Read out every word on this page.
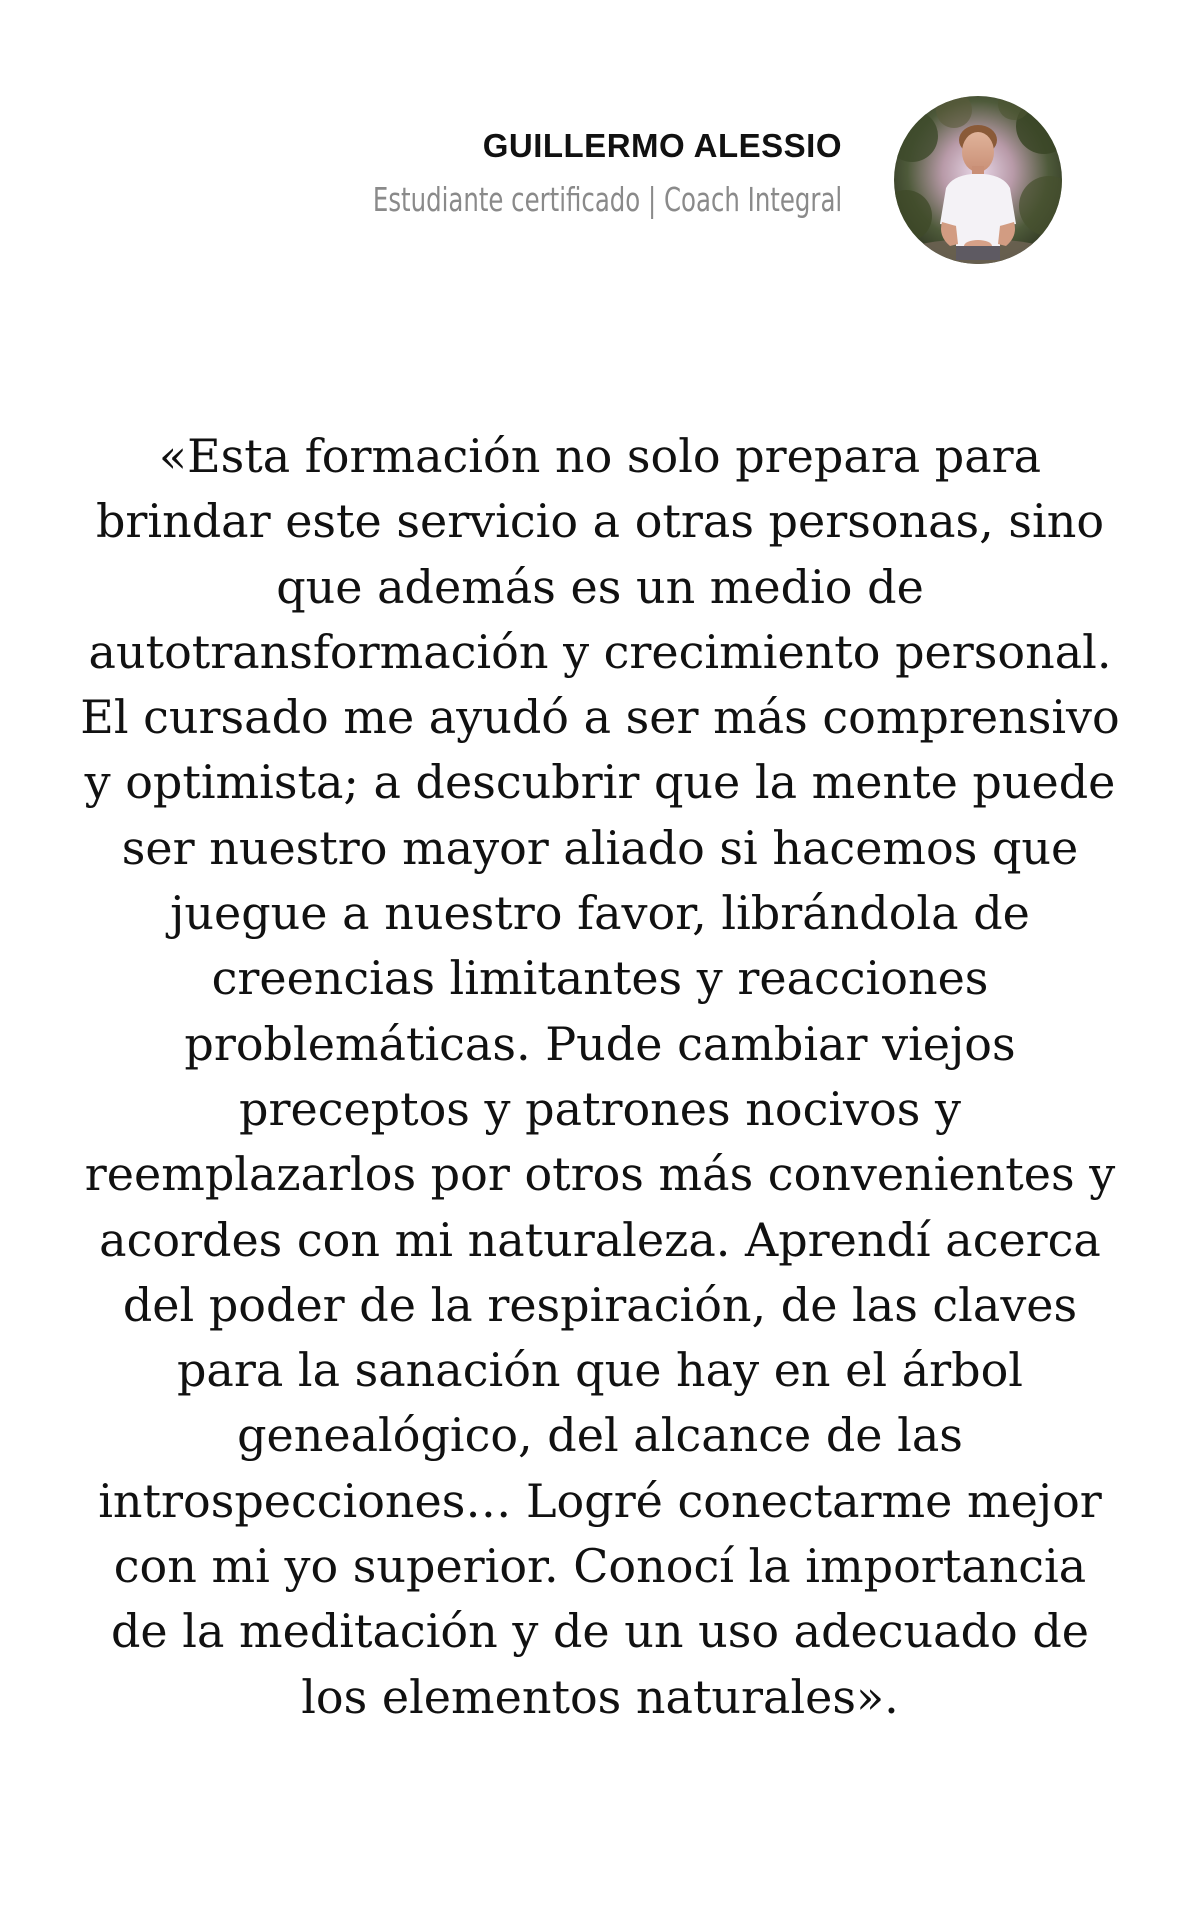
GUILLERMO ALESSIO
Estudiante certificado | Coach Integral

«Esta formación no solo prepara para brindar este servicio a otras personas, sino que además es un medio de autotransformación y crecimiento personal. El cursado me ayudó a ser más comprensivo y optimista; a descubrir que la mente puede ser nuestro mayor aliado si hacemos que juegue a nuestro favor, librándola de creencias limitantes y reacciones problemáticas. Pude cambiar viejos preceptos y patrones nocivos y reemplazarlos por otros más convenientes y acordes con mi naturaleza. Aprendí acerca del poder de la respiración, de las claves para la sanación que hay en el árbol genealógico, del alcance de las introspecciones… Logré conectarme mejor con mi yo superior. Conocí la importancia de la meditación y de un uso adecuado de los elementos naturales».
